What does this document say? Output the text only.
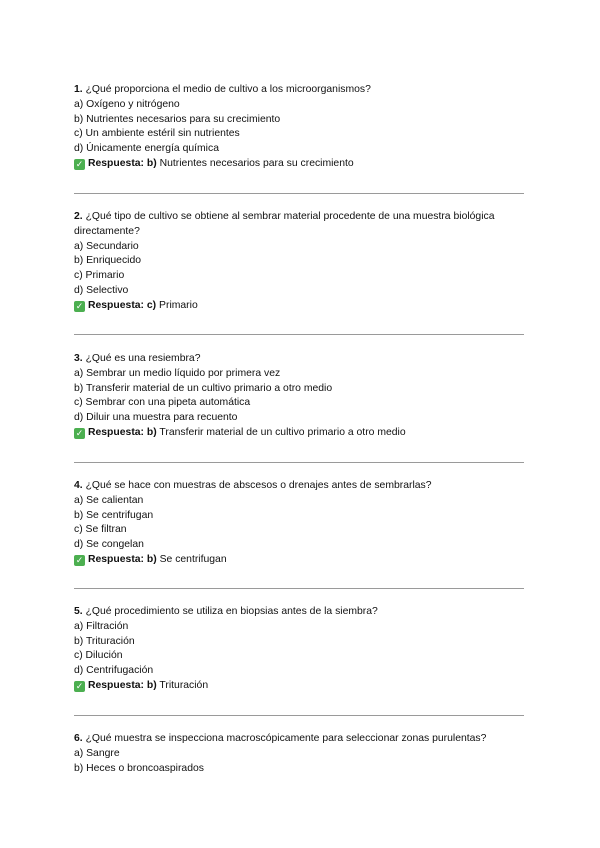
1. ¿Qué proporciona el medio de cultivo a los microorganismos?
a) Oxígeno y nitrógeno
b) Nutrientes necesarios para su crecimiento
c) Un ambiente estéril sin nutrientes
d) Únicamente energía química
✓ Respuesta: b) Nutrientes necesarios para su crecimiento
2. ¿Qué tipo de cultivo se obtiene al sembrar material procedente de una muestra biológica directamente?
a) Secundario
b) Enriquecido
c) Primario
d) Selectivo
✓ Respuesta: c) Primario
3. ¿Qué es una resiembra?
a) Sembrar un medio líquido por primera vez
b) Transferir material de un cultivo primario a otro medio
c) Sembrar con una pipeta automática
d) Diluir una muestra para recuento
✓ Respuesta: b) Transferir material de un cultivo primario a otro medio
4. ¿Qué se hace con muestras de abscesos o drenajes antes de sembrarlas?
a) Se calientan
b) Se centrifugan
c) Se filtran
d) Se congelan
✓ Respuesta: b) Se centrifugan
5. ¿Qué procedimiento se utiliza en biopsias antes de la siembra?
a) Filtración
b) Trituración
c) Dilución
d) Centrifugación
✓ Respuesta: b) Trituración
6. ¿Qué muestra se inspecciona macroscópicamente para seleccionar zonas purulentas?
a) Sangre
b) Heces o broncoaspirados
